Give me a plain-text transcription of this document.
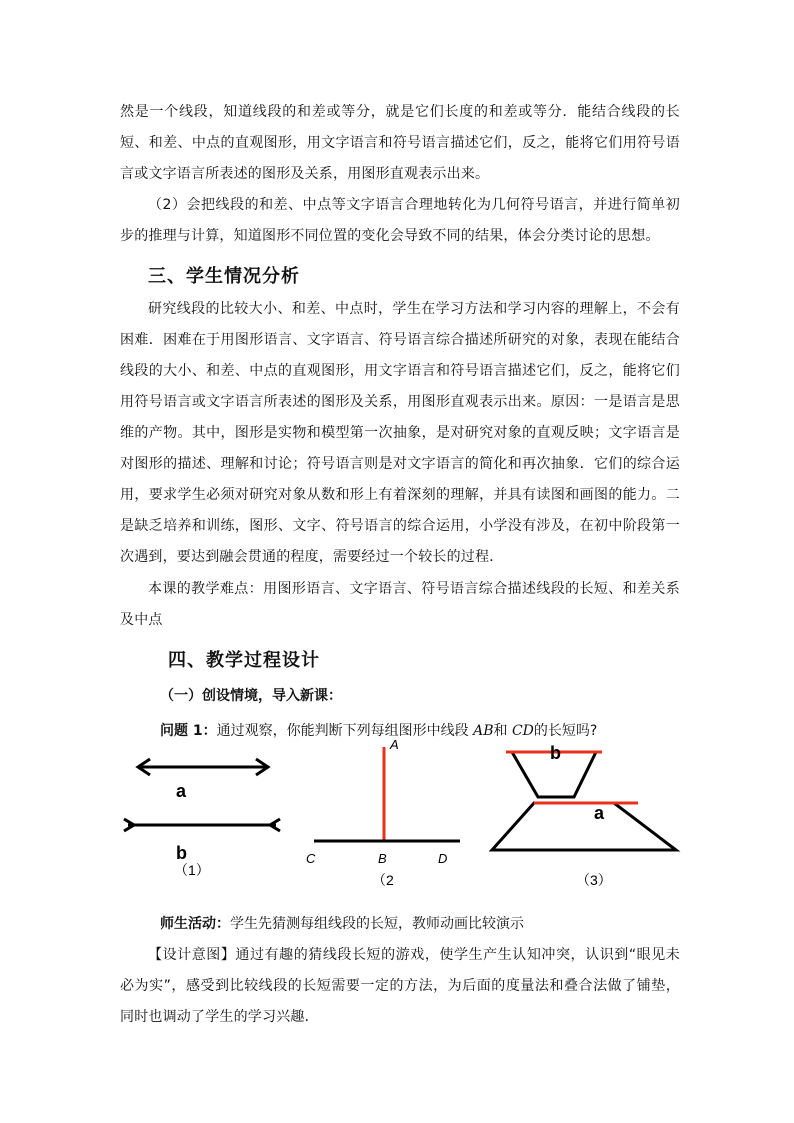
然是一个线段，知道线段的和差或等分，就是它们长度的和差或等分．能结合线段的长短、和差、中点的直观图形，用文字语言和符号语言描述它们，反之，能将它们用符号语言或文字语言所表述的图形及关系，用图形直观表示出来。
（2）会把线段的和差、中点等文字语言合理地转化为几何符号语言，并进行简单初步的推理与计算，知道图形不同位置的变化会导致不同的结果，体会分类讨论的思想。
三、学生情况分析
研究线段的比较大小、和差、中点时，学生在学习方法和学习内容的理解上，不会有困难．困难在于用图形语言、文字语言、符号语言综合描述所研究的对象，表现在能结合线段的大小、和差、中点的直观图形，用文字语言和符号语言描述它们，反之，能将它们用符号语言或文字语言所表述的图形及关系，用图形直观表示出来。原因：一是语言是思维的产物。其中，图形是实物和模型第一次抽象，是对研究对象的直观反映；文字语言是对图形的描述、理解和讨论；符号语言则是对文字语言的简化和再次抽象．它们的综合运用，要求学生必须对研究对象从数和形上有着深刻的理解，并具有读图和画图的能力。二是缺乏培养和训练，图形、文字、符号语言的综合运用，小学没有涉及，在初中阶段第一次遇到，要达到融会贯通的程度，需要经过一个较长的过程．
本课的教学难点：用图形语言、文字语言、符号语言综合描述线段的长短、和差关系及中点
四、教学过程设计
（一）创设情境，导入新课：
问题 1：通过观察，你能判断下列每组图形中线段 AB和 CD的长短吗?
a
b
（1）
A
B
C	D
（2
b
a
（3）
师生活动：学生先猜测每组线段的长短，教师动画比较演示
【设计意图】通过有趣的猜线段长短的游戏，使学生产生认知冲突，认识到“眼见未必为实”，感受到比较线段的长短需要一定的方法，为后面的度量法和叠合法做了铺垫，同时也调动了学生的学习兴趣．
